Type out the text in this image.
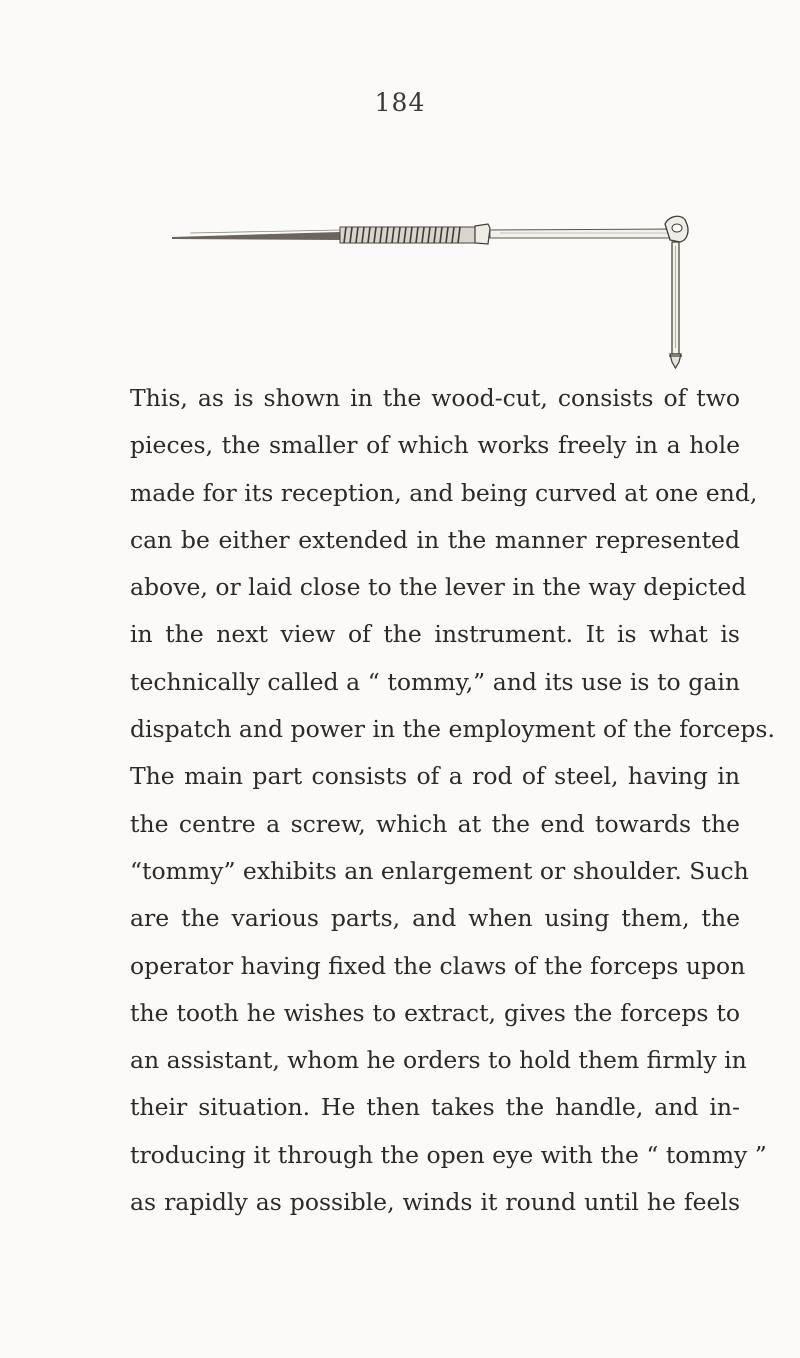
184
This, as is shown in the wood-cut, consists of two
pieces, the smaller of which works freely in a hole
made for its reception, and being curved at one end,
can be either extended in the manner represented
above, or laid close to the lever in the way depicted
in the next view of the instrument. It is what is
technically called a “ tommy,” and its use is to gain
dispatch and power in the employment of the forceps.
The main part consists of a rod of steel, having in
the centre a screw, which at the end towards the
“tommy” exhibits an enlargement or shoulder. Such
are the various parts, and when using them, the
operator having fixed the claws of the forceps upon
the tooth he wishes to extract, gives the forceps to
an assistant, whom he orders to hold them firmly in
their situation. He then takes the handle, and in-
troducing it through the open eye with the “ tommy ”
as rapidly as possible, winds it round until he feels
